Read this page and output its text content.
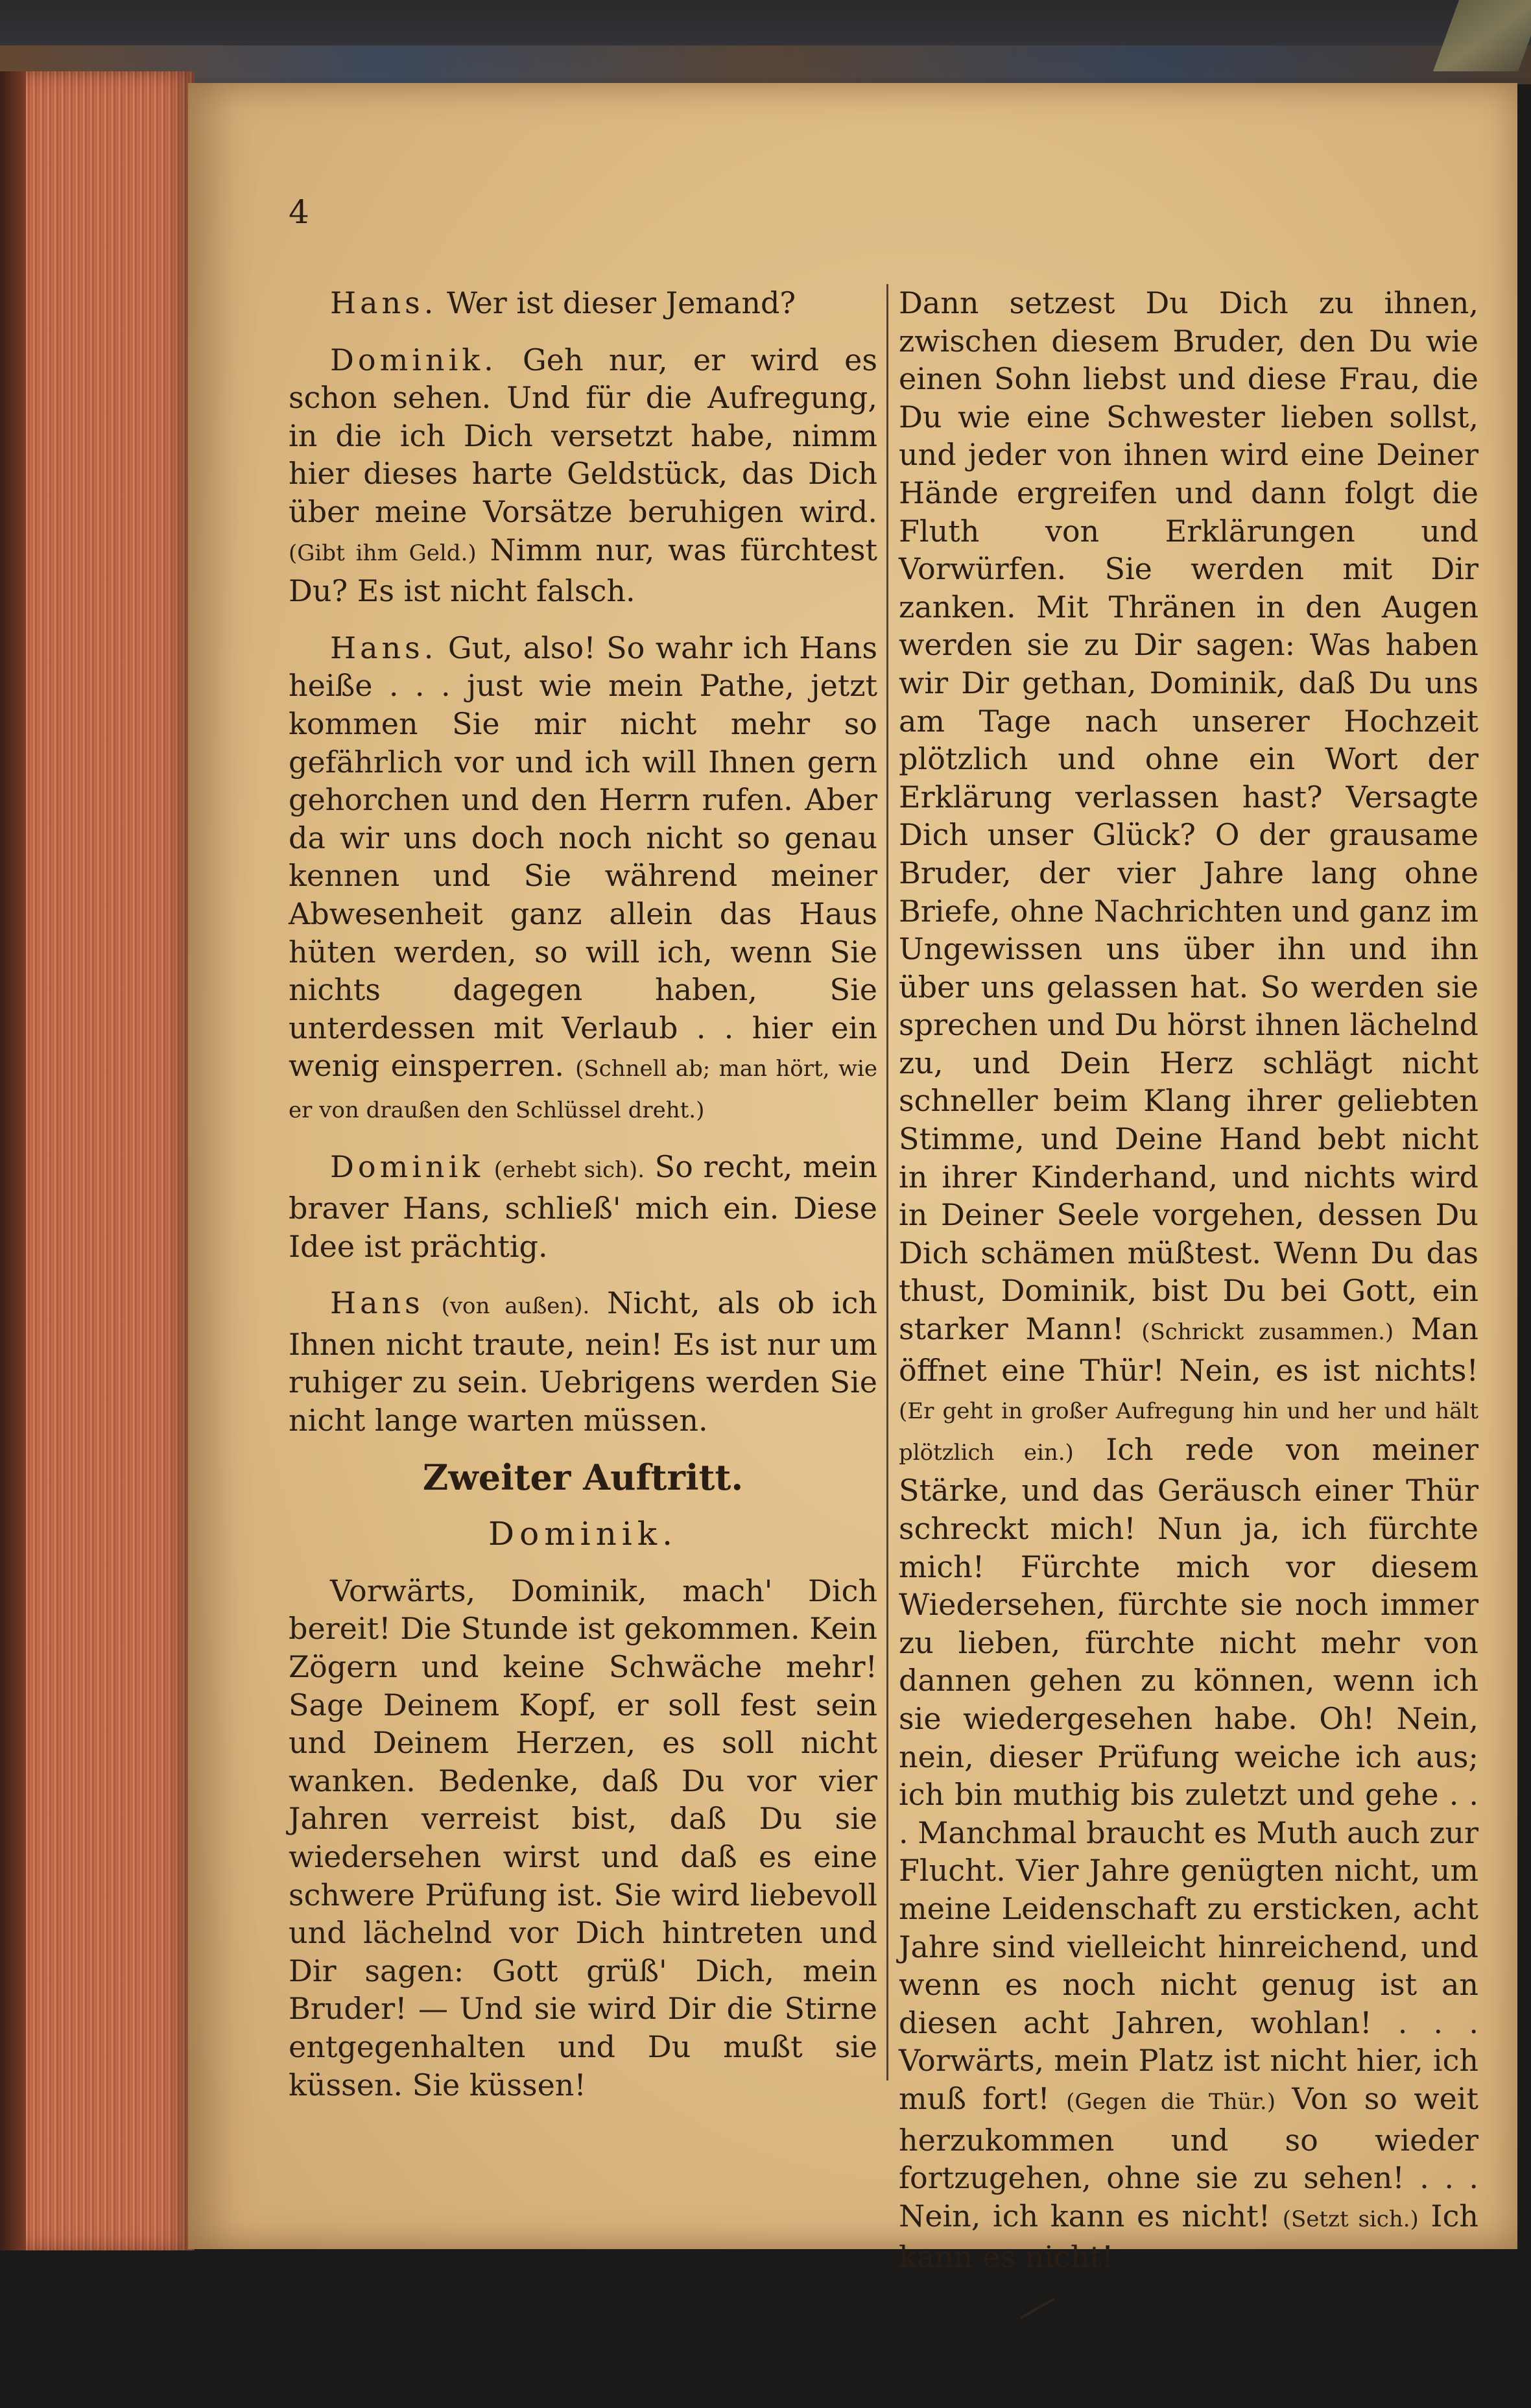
4

Hans. Wer ist dieser Jemand?

Dominik. Geh nur, er wird es schon sehen. Und für die Aufregung, in die ich Dich versetzt habe, nimm hier dieses harte Geldstück, das Dich über meine Vorsätze beruhigen wird. (Gibt ihm Geld.) Nimm nur, was fürchtest Du? Es ist nicht falsch.

Hans. Gut, also! So wahr ich Hans heiße . . . just wie mein Pathe, jetzt kommen Sie mir nicht mehr so gefährlich vor und ich will Ihnen gern gehorchen und den Herrn rufen. Aber da wir uns doch noch nicht so genau kennen und Sie während meiner Abwesenheit ganz allein das Haus hüten werden, so will ich, wenn Sie nichts dagegen haben, Sie unterdessen mit Verlaub . . hier ein wenig einsperren. (Schnell ab; man hört, wie er von draußen den Schlüssel dreht.)

Dominik (erhebt sich). So recht, mein braver Hans, schließ' mich ein. Diese Idee ist prächtig.

Hans (von außen). Nicht, als ob ich Ihnen nicht traute, nein! Es ist nur um ruhiger zu sein. Uebrigens werden Sie nicht lange warten müssen.

Zweiter Auftritt.

Dominik.

Vorwärts, Dominik, mach' Dich bereit! Die Stunde ist gekommen. Kein Zögern und keine Schwäche mehr! Sage Deinem Kopf, er soll fest sein und Deinem Herzen, es soll nicht wanken. Bedenke, daß Du vor vier Jahren verreist bist, daß Du sie wiedersehen wirst und daß es eine schwere Prüfung ist. Sie wird liebevoll und lächelnd vor Dich hintreten und Dir sagen: Gott grüß' Dich, mein Bruder! — Und sie wird Dir die Stirne entgegenhalten und Du mußt sie küssen. Sie küssen!

Dann setzest Du Dich zu ihnen, zwischen diesem Bruder, den Du wie einen Sohn liebst und diese Frau, die Du wie eine Schwester lieben sollst, und jeder von ihnen wird eine Deiner Hände ergreifen und dann folgt die Fluth von Erklärungen und Vorwürfen. Sie werden mit Dir zanken. Mit Thränen in den Augen werden sie zu Dir sagen: Was haben wir Dir gethan, Dominik, daß Du uns am Tage nach unserer Hochzeit plötzlich und ohne ein Wort der Erklärung verlassen hast? Versagte Dich unser Glück? O der grausame Bruder, der vier Jahre lang ohne Briefe, ohne Nachrichten und ganz im Ungewissen uns über ihn und ihn über uns gelassen hat. So werden sie sprechen und Du hörst ihnen lächelnd zu, und Dein Herz schlägt nicht schneller beim Klang ihrer geliebten Stimme, und Deine Hand bebt nicht in ihrer Kinderhand, und nichts wird in Deiner Seele vorgehen, dessen Du Dich schämen müßtest. Wenn Du das thust, Dominik, bist Du bei Gott, ein starker Mann! (Schrickt zusammen.) Man öffnet eine Thür! Nein, es ist nichts! (Er geht in großer Aufregung hin und her und hält plötzlich ein.) Ich rede von meiner Stärke, und das Geräusch einer Thür schreckt mich! Nun ja, ich fürchte mich! Fürchte mich vor diesem Wiedersehen, fürchte sie noch immer zu lieben, fürchte nicht mehr von dannen gehen zu können, wenn ich sie wiedergesehen habe. Oh! Nein, nein, dieser Prüfung weiche ich aus; ich bin muthig bis zuletzt und gehe . . . Manchmal braucht es Muth auch zur Flucht. Vier Jahre genügten nicht, um meine Leidenschaft zu ersticken, acht Jahre sind vielleicht hinreichend, und wenn es noch nicht genug ist an diesen acht Jahren, wohlan! . . . Vorwärts, mein Platz ist nicht hier, ich muß fort! (Gegen die Thür.) Von so weit herzukommen und so wieder fortzugehen, ohne sie zu sehen! . . . Nein, ich kann es nicht! (Setzt sich.) Ich kann es nicht!
